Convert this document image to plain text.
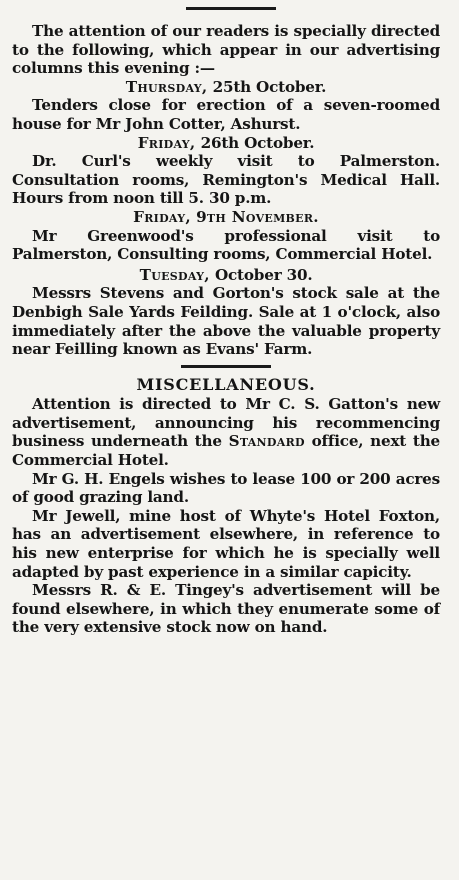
The attention of our readers is specially directed to the following, which appear in our advertising columns this evening :—

Thursday, 25th October.

Tenders close for erection of a seven-roomed house for Mr John Cotter, Ashurst.

Friday, 26th October.

Dr. Curl's weekly visit to Palmerston. Consultation rooms, Remington's Medical Hall. Hours from noon till 5. 30 p.m.

Friday, 9th November.

Mr Greenwood's professional visit to Palmerston, Consulting rooms, Commercial Hotel.

Tuesday, October 30.

Messrs Stevens and Gorton's stock sale at the Denbigh Sale Yards Feilding. Sale at 1 o'clock, also immediately after the above the valuable property near Feilling known as Evans' Farm.

MISCELLANEOUS.

Attention is directed to Mr C. S. Gatton's new advertisement, announcing his recommencing business underneath the Standard office, next the Commercial Hotel.

Mr G. H. Engels wishes to lease 100 or 200 acres of good grazing land.

Mr Jewell, mine host of Whyte's Hotel Foxton, has an advertisement elsewhere, in reference to his new enterprise for which he is specially well adapted by past experience in a similar capicity.

Messrs R. & E. Tingey's advertisement will be found elsewhere, in which they enumerate some of the very extensive stock now on hand.
